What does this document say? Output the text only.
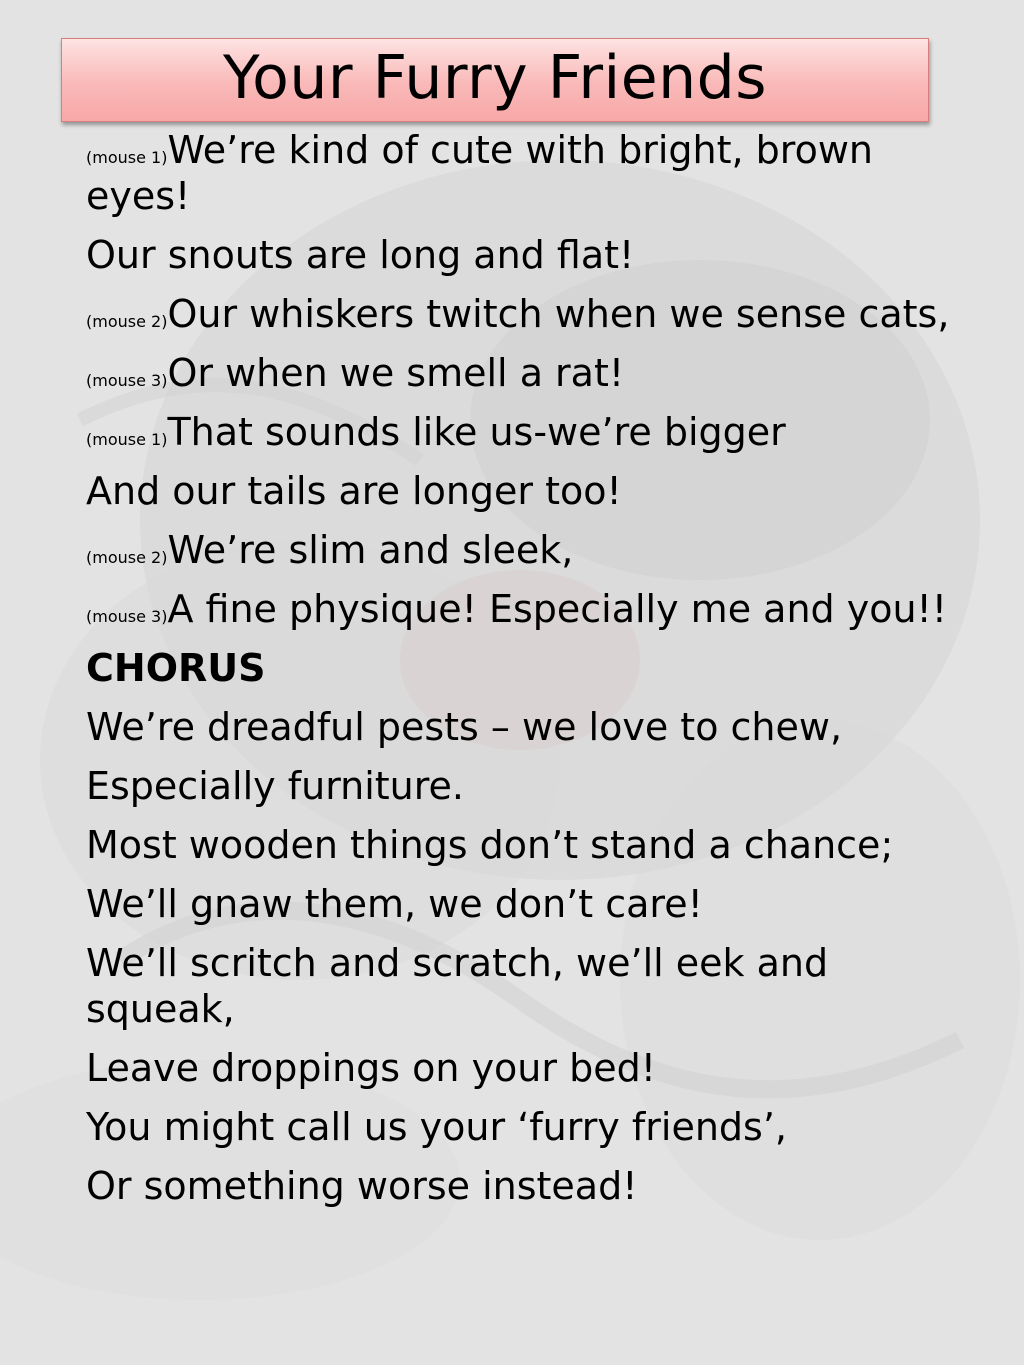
Your Furry Friends
(mouse 1)We’re kind of cute with bright, brown eyes!
Our snouts are long and flat!
(mouse 2)Our whiskers twitch when we sense cats,
(mouse 3)Or when we smell a rat!
(mouse 1)That sounds like us-we’re bigger
And our tails are longer too!
(mouse 2)We’re slim and sleek,
(mouse 3)A fine physique! Especially me and you!!
CHORUS
We’re dreadful pests – we love to chew,
Especially furniture.
Most wooden things don’t stand a chance;
We’ll gnaw them, we don’t care!
We’ll scritch and scratch, we’ll eek and squeak,
Leave droppings on your bed!
You might call us your ‘furry friends’,
Or something worse instead!
